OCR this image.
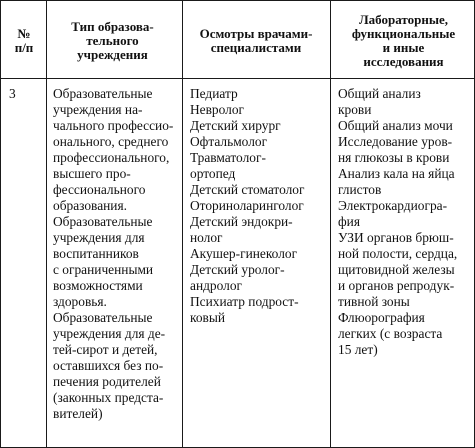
№
п/п
Тип образова-
тельного
учреждения
Осмотры врачами-
специалистами
Лабораторные,
функциональные
и иные
исследования
3	Образовательные
учреждения на-
чального профессио-
онального, среднего
профессионального,
высшего про-
фессионального
образования.
Образовательные
учреждения для
воспитанников
с ограниченными
возможностями
здоровья.
Образовательные
учреждения для де-
тей-сирот и детей,
оставшихся без по-
печения родителей
(законных предста-
вителей)
Педиатр
Невролог
Детский хирург
Офтальмолог
Травматолог-
ортопед
Детский стоматолог
Оториноларинголог
Детский эндокри-
нолог
Акушер-гинеколог
Детский уролог-
андролог
Психиатр подрост-
ковый
Общий анализ
крови
Общий анализ мочи
Исследование уров-
ня глюкозы в крови
Анализ кала на яйца
глистов
Электрокардиогра-
фия
УЗИ органов брюш-
ной полости, сердца,
щитовидной железы
и органов репродук-
тивной зоны
Флюорография
легких (с возраста
15 лет)
